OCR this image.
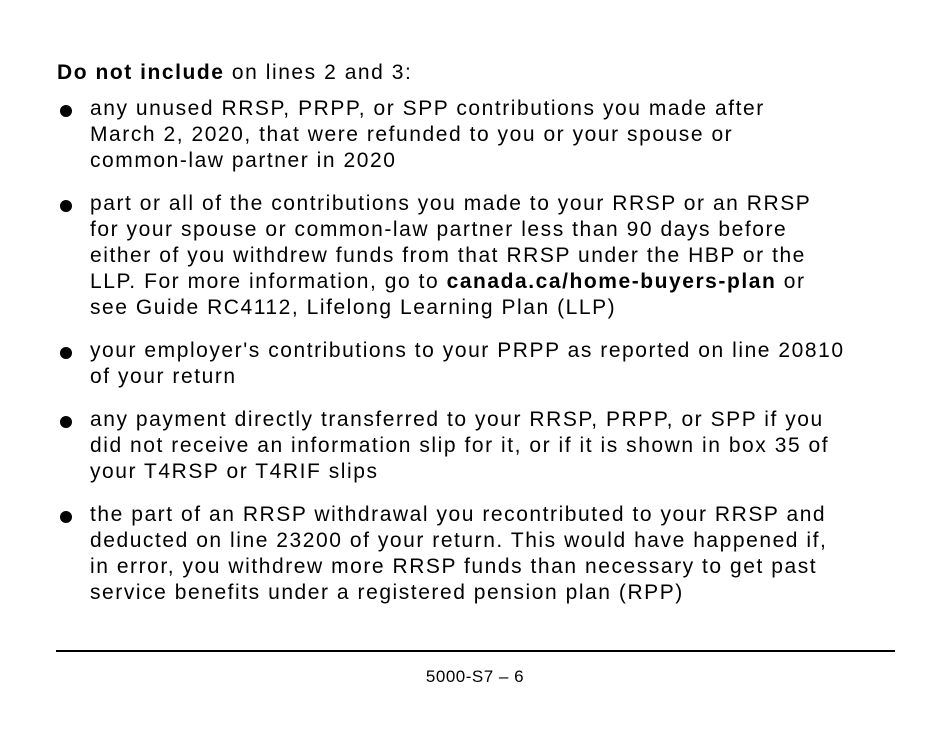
Do not include on lines 2 and 3:

any unused RRSP, PRPP, or SPP contributions you made after
March 2, 2020, that were refunded to you or your spouse or
common-law partner in 2020
part or all of the contributions you made to your RRSP or an RRSP
for your spouse or common-law partner less than 90 days before
either of you withdrew funds from that RRSP under the HBP or the
LLP. For more information, go to canada.ca/home-buyers-plan or
see Guide RC4112, Lifelong Learning Plan (LLP)
your employer's contributions to your PRPP as reported on line 20810
of your return
any payment directly transferred to your RRSP, PRPP, or SPP if you
did not receive an information slip for it, or if it is shown in box 35 of
your T4RSP or T4RIF slips
the part of an RRSP withdrawal you recontributed to your RRSP and
deducted on line 23200 of your return. This would have happened if,
in error, you withdrew more RRSP funds than necessary to get past
service benefits under a registered pension plan (RPP)
5000-S7 – 6
